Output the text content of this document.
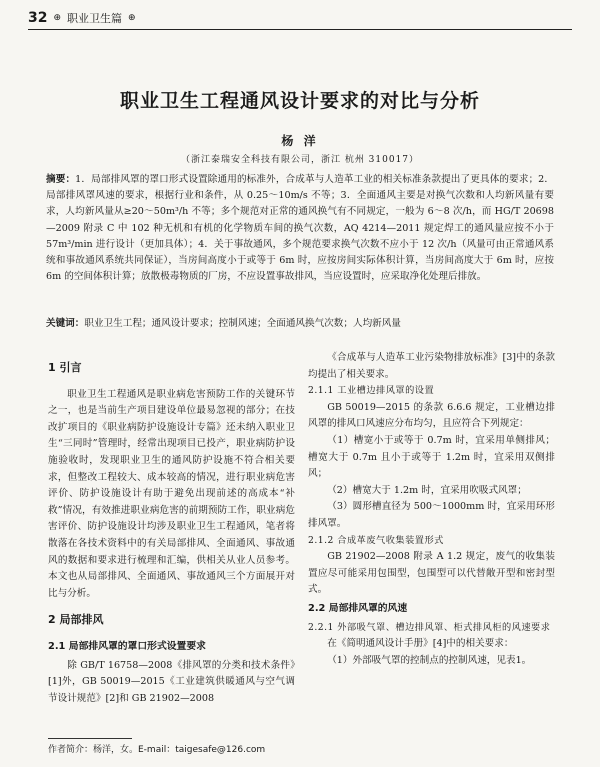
32 ⊕ 职业卫生篇 ⊕
职业卫生工程通风设计要求的对比与分析
杨 洋
（浙江泰瑞安全科技有限公司，浙江 杭州 310017）
摘要：1．局部排风罩的罩口形式设置除通用的标准外，合成革与人造革工业的相关标准条款提出了更具体的要求；2．局部排风罩风速的要求，根据行业和条件，从 0.25～10m/s 不等；3．全面通风主要是对换气次数和人均新风量有要求，人均新风量从≥20～50m³/h 不等；多个规范对正常的通风换气有不同规定，一般为 6～8 次/h，而 HG/T 20698—2009 附录 C 中 102 种无机和有机的化学物质车间的换气次数，AQ 4214—2011 规定焊工的通风量应按不小于 57m³/min 进行设计（更加具体）；4．关于事故通风，多个规范要求换气次数不应小于 12 次/h（风量可由正常通风系统和事故通风系统共同保证），当房间高度小于或等于 6m 时，应按房间实际体积计算，当房间高度大于 6m 时，应按 6m 的空间体积计算；放散极毒物质的厂房，不应设置事故排风，当应设置时，应采取净化处理后排放。
关键词：职业卫生工程；通风设计要求；控制风速；全面通风换气次数；人均新风量
1 引言

职业卫生工程通风是职业病危害预防工作的关键环节之一，也是当前生产项目建设单位最易忽视的部分；在技改扩项目的《职业病防护设施设计专篇》还未纳入职业卫生“三同时”管理时，经常出现项目已投产，职业病防护设施验收时，发现职业卫生的通风防护设施不符合相关要求，但整改工程较大、成本较高的情况，进行职业病危害评价、防护设施设计有助于避免出现前述的高成本“补救”情况，有效推进职业病危害的前期预防工作，职业病危害评价、防护设施设计均涉及职业卫生工程通风，笔者将散落在各技术资料中的有关局部排风、全面通风、事故通风的数据和要求进行梳理和汇编，供相关从业人员参考。本文也从局部排风、全面通风、事故通风三个方面展开对比与分析。

2 局部排风
2.1 局部排风罩的罩口形式设置要求

除 GB/T 16758—2008《排风罩的分类和技术条件》[1]外，GB 50019—2015《工业建筑供暖通风与空气调节设计规范》[2]和 GB 21902—2008

《合成革与人造革工业污染物排放标准》[3]中的条款均提出了相关要求。

2.1.1 工业槽边排风罩的设置

GB 50019—2015 的条款 6.6.6 规定，工业槽边排风罩的排风口风速应分布均匀，且应符合下列规定：

（1）槽宽小于或等于 0.7m 时，宜采用单侧排风；槽宽大于 0.7m 且小于或等于 1.2m 时，宜采用双侧排风；

（2）槽宽大于 1.2m 时，宜采用吹吸式风罩；

（3）圆形槽直径为 500～1000mm 时，宜采用环形排风罩。

2.1.2 合成革废气收集装置形式

GB 21902—2008 附录 A 1.2 规定，废气的收集装置应尽可能采用包围型，包围型可以代替敞开型和密封型式。

2.2 局部排风罩的风速
2.2.1 外部吸气罩、槽边排风罩、柜式排风柜的风速要求

在《简明通风设计手册》[4]中的相关要求：

（1）外部吸气罩的控制点的控制风速，见表1。

作者简介：杨洋，女。E-mail：taigesafe@126.com
